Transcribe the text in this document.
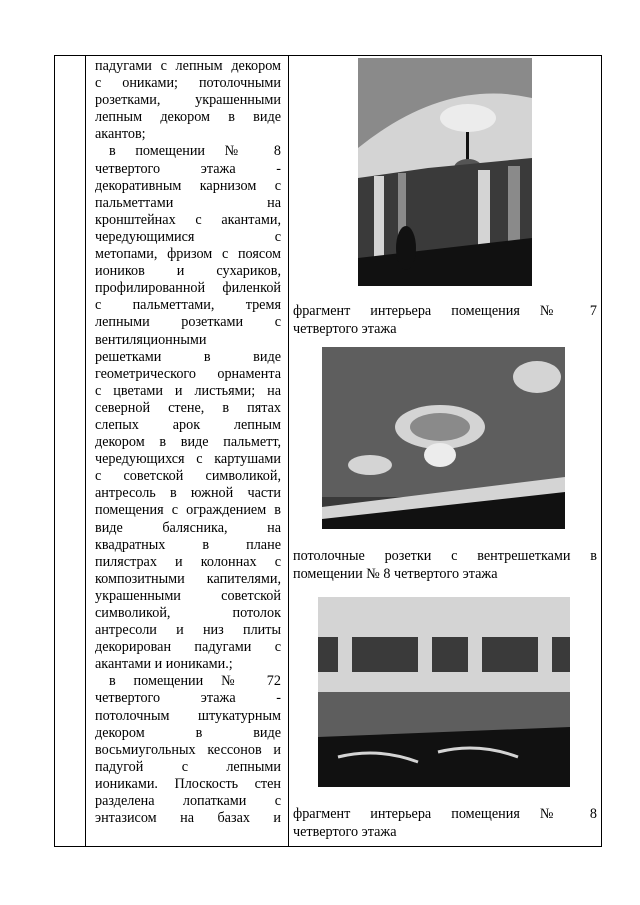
падугами с лепным декором
с ониками; потолочными
розетками, украшенными
лепным декором в виде
акантов;
в помещении № 8
четвертого этажа -
декоративным карнизом с
пальметтами на
кронштейнах с акантами,
чередующимися с
метопами, фризом с поясом
иоников и сухариков,
профилированной филенкой
с пальметтами, тремя
лепными розетками с
вентиляционными
решетками в виде
геометрического орнамента
с цветами и листьями; на
северной стене, в пятах
слепых арок лепным
декором в виде пальметт,
чередующихся с картушами
с советской символикой,
антресоль в южной части
помещения с ограждением в
виде балясника, на
квадратных в плане
пилястрах и колоннах с
композитными капителями,
украшенными советской
символикой, потолок
антресоли и низ плиты
декорирован падугами с
акантами и иониками.;
в помещении № 72
четвертого этажа -
потолочным штукатурным
декором в виде
восьмиугольных кессонов и
падугой с лепными
иониками. Плоскость стен
разделена лопатками с
энтазисом на базах и
фрагмент интерьера помещения № 7
четвертого этажа
потолочные розетки с вентрешетками в
помещении № 8 четвертого этажа
фрагмент интерьера помещения № 8
четвертого этажа
